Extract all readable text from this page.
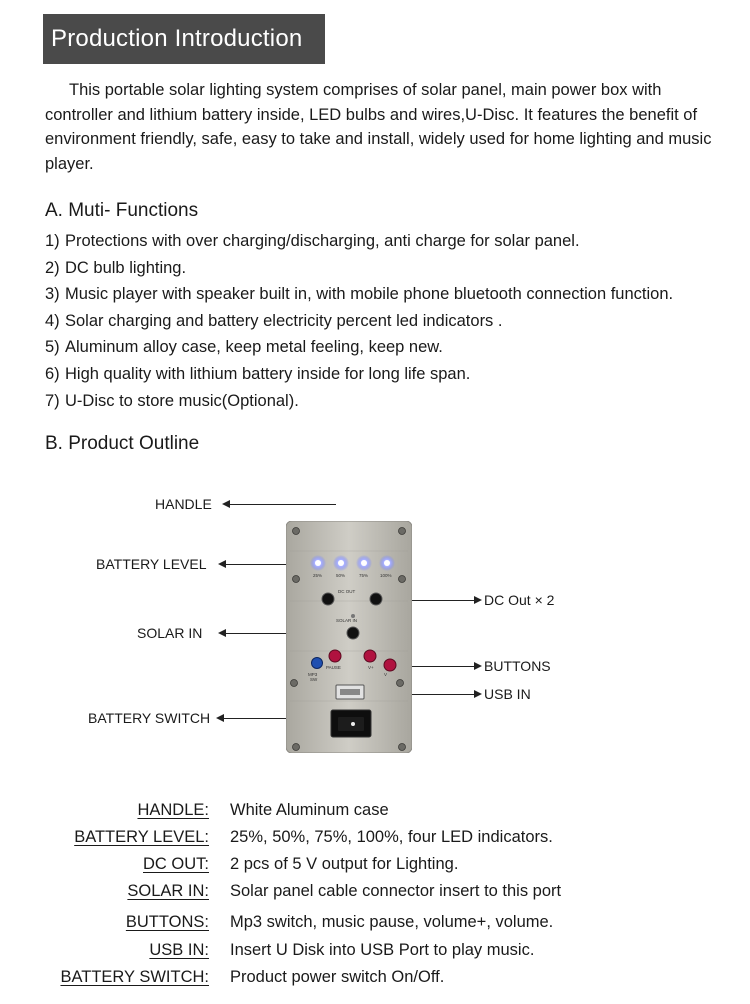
Production Introduction

This portable solar lighting system comprises of solar panel, main power box with controller and lithium battery inside, LED bulbs and wires,U-Disc. It features the benefit of environment friendly, safe, easy to take and install, widely used for home lighting and music player.

A. Muti- Functions
1) Protections with over charging/discharging, anti charge for solar panel.
2) DC bulb lighting.
3) Music player with speaker built in, with mobile phone bluetooth connection function.
4) Solar charging and battery electricity percent led indicators .
5) Aluminum alloy case, keep metal feeling, keep new.
6) High quality with lithium battery inside for long life span.
7) U-Disc to store music(Optional).
B. Product Outline
HANDLE
BATTERY LEVEL
SOLAR IN
BATTERY SWITCH
DC Out × 2
BUTTONS
USB IN
25%	50%	75%	100%
DC OUT
SOLAR IN
MP3
SW
PAUSE	V+
V
HANDLE: White Aluminum case
BATTERY LEVEL: 25%, 50%, 75%, 100%, four LED indicators.
DC OUT: 2 pcs of 5 V output for Lighting.
SOLAR IN: Solar panel cable connector insert to this port
BUTTONS: Mp3 switch, music pause, volume+, volume.
USB IN: Insert U Disk into USB Port to play music.
BATTERY SWITCH: Product power switch On/Off.
